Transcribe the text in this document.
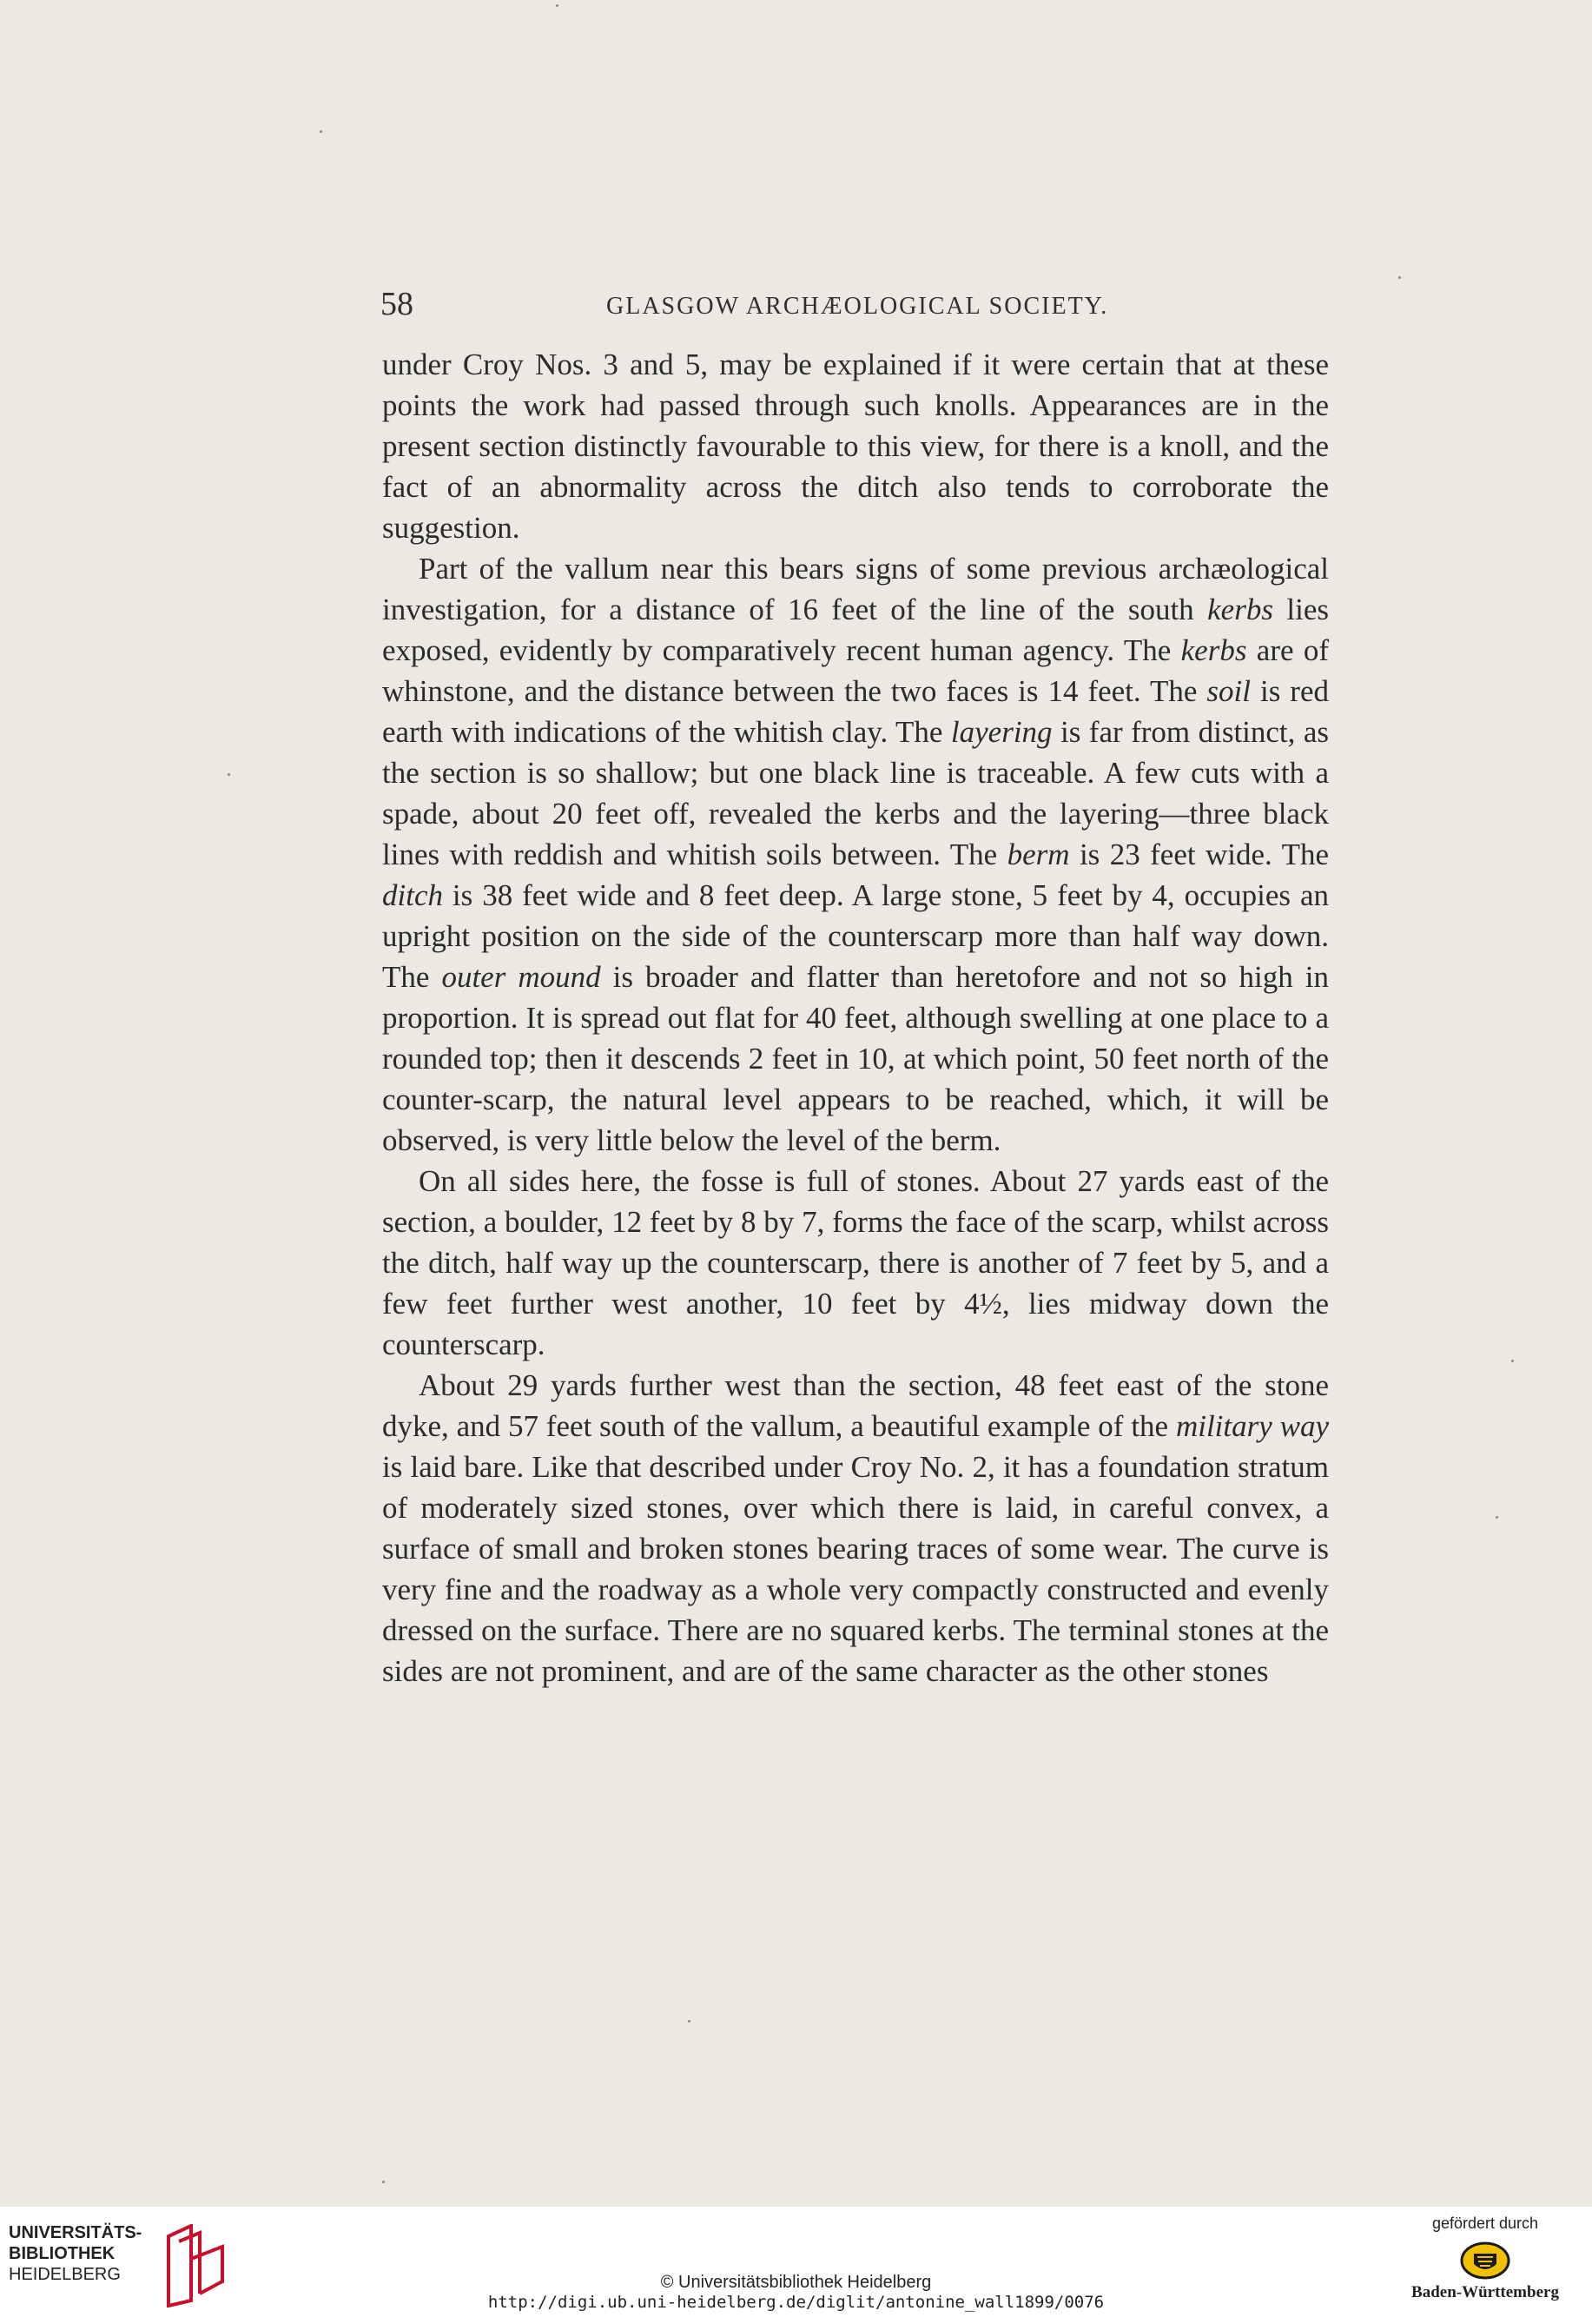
58	GLASGOW ARCHÆOLOGICAL SOCIETY.

under Croy Nos. 3 and 5, may be explained if it were certain that at these points the work had passed through such knolls. Appearances are in the present section distinctly favourable to this view, for there is a knoll, and the fact of an abnormality across the ditch also tends to corroborate the suggestion.

Part of the vallum near this bears signs of some previous archæological investigation, for a distance of 16 feet of the line of the south kerbs lies exposed, evidently by comparatively recent human agency. The kerbs are of whinstone, and the distance between the two faces is 14 feet. The soil is red earth with indications of the whitish clay. The layering is far from distinct, as the section is so shallow; but one black line is traceable. A few cuts with a spade, about 20 feet off, revealed the kerbs and the layering—three black lines with reddish and whitish soils between. The berm is 23 feet wide. The ditch is 38 feet wide and 8 feet deep. A large stone, 5 feet by 4, occupies an upright position on the side of the counterscarp more than half way down. The outer mound is broader and flatter than heretofore and not so high in proportion. It is spread out flat for 40 feet, although swelling at one place to a rounded top; then it descends 2 feet in 10, at which point, 50 feet north of the counter-scarp, the natural level appears to be reached, which, it will be observed, is very little below the level of the berm.

On all sides here, the fosse is full of stones. About 27 yards east of the section, a boulder, 12 feet by 8 by 7, forms the face of the scarp, whilst across the ditch, half way up the counterscarp, there is another of 7 feet by 5, and a few feet further west another, 10 feet by 4½, lies midway down the counterscarp.

About 29 yards further west than the section, 48 feet east of the stone dyke, and 57 feet south of the vallum, a beautiful example of the military way is laid bare. Like that described under Croy No. 2, it has a foundation stratum of moderately sized stones, over which there is laid, in careful convex, a surface of small and broken stones bearing traces of some wear. The curve is very fine and the roadway as a whole very compactly constructed and evenly dressed on the surface. There are no squared kerbs. The terminal stones at the sides are not prominent, and are of the same character as the other stones

UNIVERSITÄTS-
BIBLIOTHEK
HEIDELBERG	© Universitätsbibliothek Heidelberg
http://digi.ub.uni-heidelberg.de/diglit/antonine_wall1899/0076
gefördert durch
Baden-Württemberg
